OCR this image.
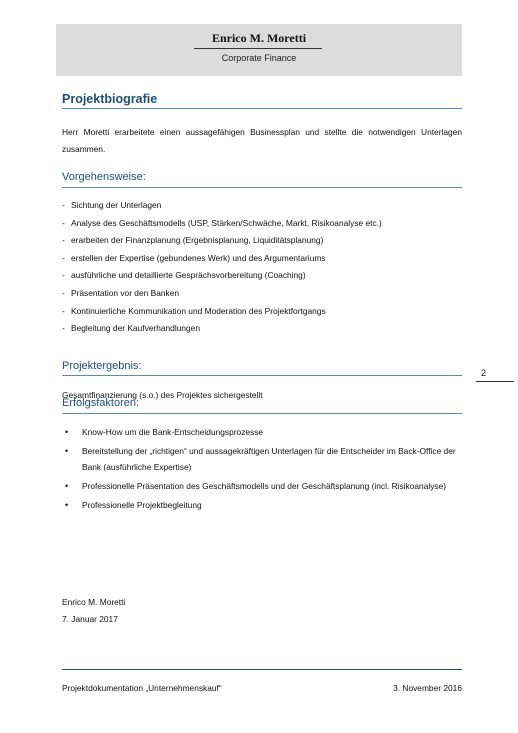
Enrico M. Moretti
Corporate Finance
Projektbiografie
Herr Moretti erarbeitete einen aussagefähigen Businessplan und stellte die notwendigen Unterlagen zusammen.
Vorgehensweise:
- Sichtung der Unterlagen
- Analyse des Geschäftsmodells (USP, Stärken/Schwäche, Markt, Risikoanalyse etc.)
- erarbeiten der Finanzplanung (Ergebnisplanung, Liquiditätsplanung)
- erstellen der Expertise (gebundenes Werk) und des Argumentariums
- ausführliche und detaillierte Gesprächsvorbereitung (Coaching)
- Präsentation vor den Banken
- Kontinuierliche Kommunikation und Moderation des Projektfortgangs
- Begleitung der Kaufverhandlungen
Projektergebnis:
2
Gesamtfinanzierung (s.o.) des Projektes sichergestellt
Erfolgsfaktoren:
• Know-How um die Bank-Entscheidungsprozesse
• Bereitstellung der „richtigen“ und aussagekräftigen Unterlagen für die Entscheider im Back-Office der Bank (ausführliche Expertise)
• Professionelle Präsentation des Geschäftsmodells und der Geschäftsplanung (incl. Risikoanalyse)
• Professionelle Projektbegleitung
Enrico M. Moretti
7. Januar 2017
Projektdokumentation „Unternehmenskauf“	3. November 2016
